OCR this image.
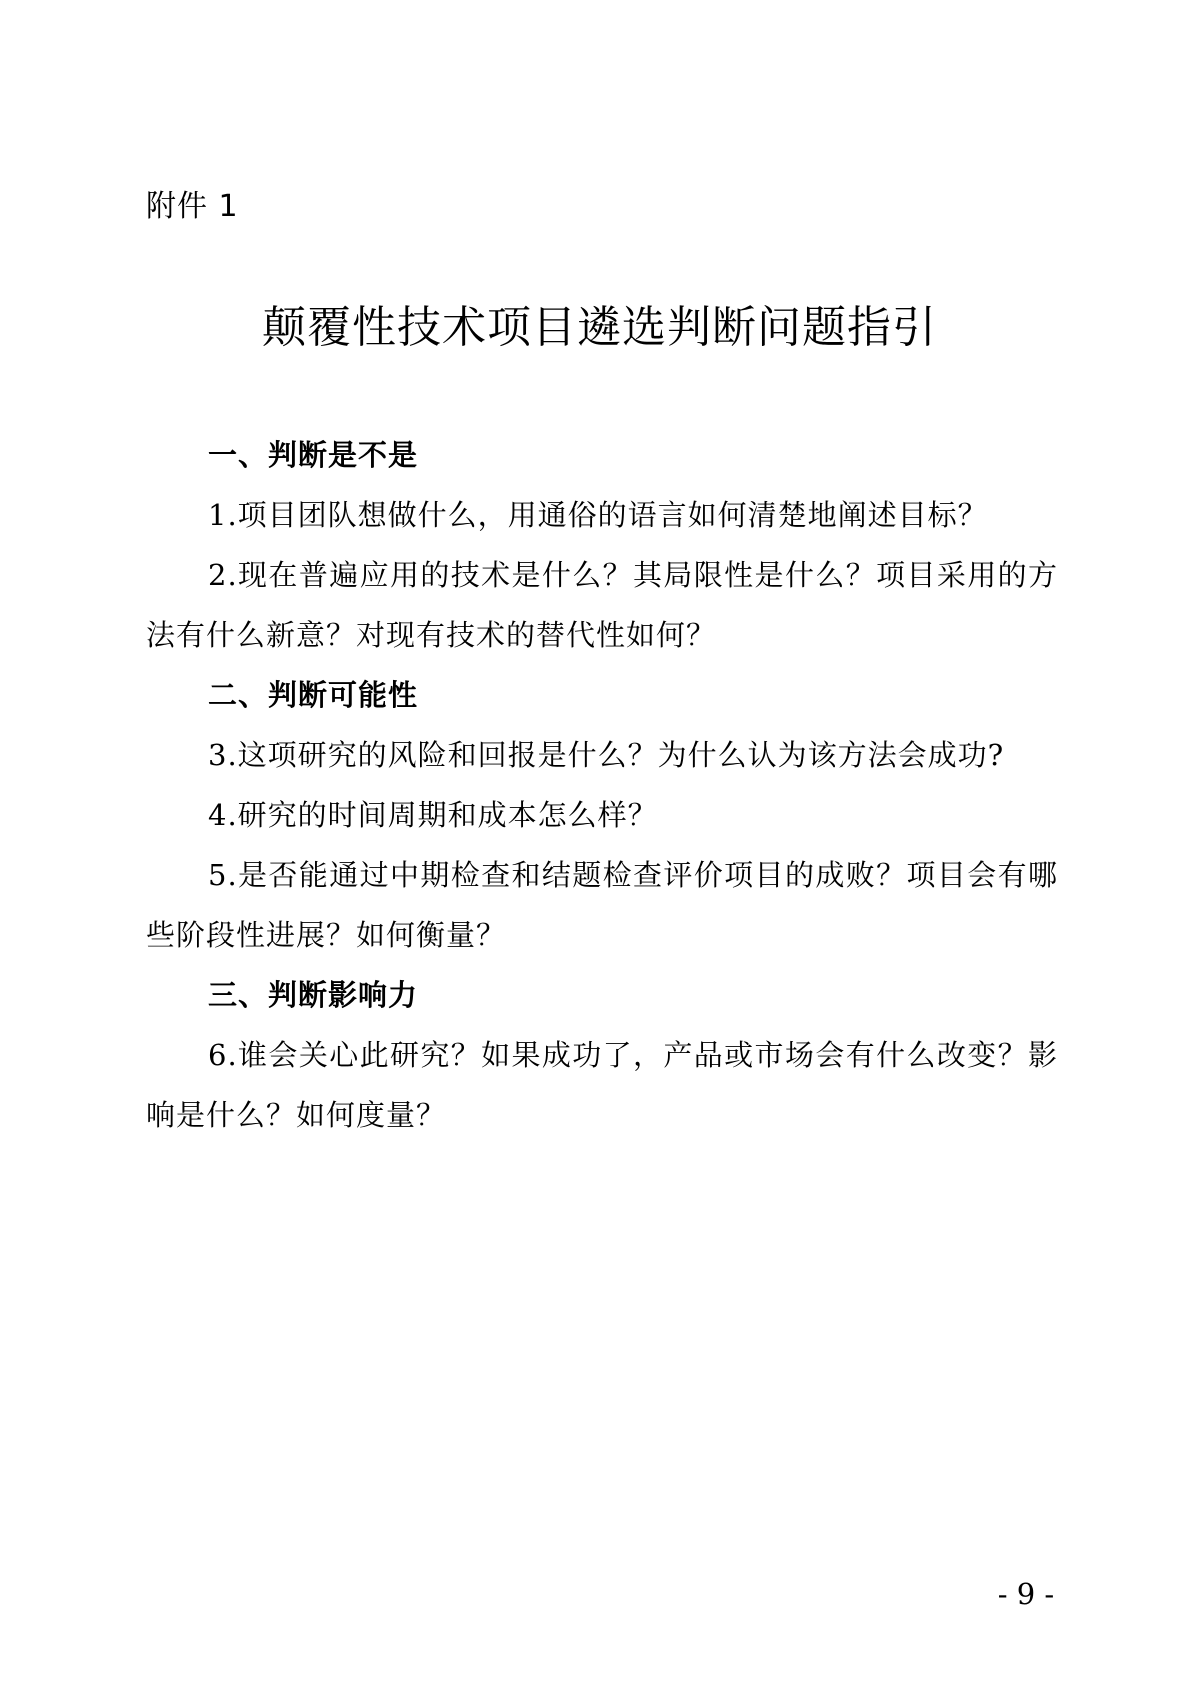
附件 1
颠覆性技术项目遴选判断问题指引

一、判断是不是

1.项目团队想做什么，用通俗的语言如何清楚地阐述目标？

2.现在普遍应用的技术是什么？其局限性是什么？项目采用的方法有什么新意？对现有技术的替代性如何？

二、判断可能性

3.这项研究的风险和回报是什么？为什么认为该方法会成功?

4.研究的时间周期和成本怎么样？

5.是否能通过中期检查和结题检查评价项目的成败？项目会有哪些阶段性进展？如何衡量？

三、判断影响力

6.谁会关心此研究？如果成功了，产品或市场会有什么改变？影响是什么？如何度量？

- 9 -
